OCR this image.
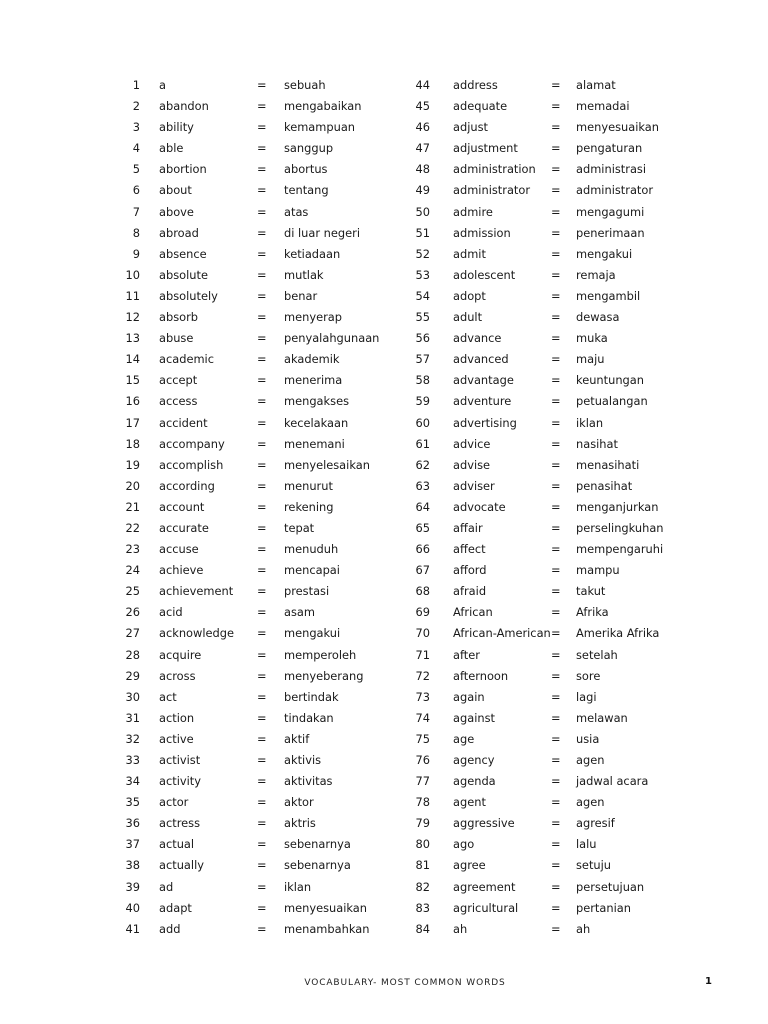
1 a	= sebuah
2 abandon	= mengabaikan
3 ability	= kemampuan
4 able	= sanggup
5 abortion	= abortus
6 about	= tentang
7 above	= atas
8 abroad	= di luar negeri
9 absence	= ketiadaan
10 absolute	= mutlak
11 absolutely	= benar
12 absorb	= menyerap
13 abuse	= penyalahgunaan
14 academic	= akademik
15 accept	= menerima
16 access	= mengakses
17 accident	= kecelakaan
18 accompany	= menemani
19 accomplish	= menyelesaikan
20 according	= menurut
21 account	= rekening
22 accurate	= tepat
23 accuse	= menuduh
24 achieve	= mencapai
25 achievement = prestasi
26 acid	= asam
27 acknowledge = mengakui
28 acquire	= memperoleh
29 across	= menyeberang
30 act	= bertindak
31 action	= tindakan
32 active	= aktif
33 activist	= aktivis
34 activity	= aktivitas
35 actor	= aktor
36 actress	= aktris
37 actual	= sebenarnya
38 actually	= sebenarnya
39 ad	= iklan
40 adapt	= menyesuaikan
41 add	= menambahkan
44 address	= alamat
45 adequate	= memadai
46 adjust	= menyesuaikan
47 adjustment	= pengaturan
48 administration = administrasi
49 administrator = administrator
50 admire	= mengagumi
51 admission	= penerimaan
52 admit	= mengakui
53 adolescent	= remaja
54 adopt	= mengambil
55 adult	= dewasa
56 advance	= muka
57 advanced	= maju
58 advantage	= keuntungan
59 adventure	= petualangan
60 advertising	= iklan
61 advice	= nasihat
62 advise	= menasihati
63 adviser	= penasihat
64 advocate	= menganjurkan
65 affair	= perselingkuhan
66 affect	= mempengaruhi
67 afford	= mampu
68 afraid	= takut
69 African	= Afrika
70 African-American = Amerika Afrika
71 after	= setelah
72 afternoon	= sore
73 again	= lagi
74 against	= melawan
75 age	= usia
76 agency	= agen
77 agenda	= jadwal acara
78 agent	= agen
79 aggressive	= agresif
80 ago	= lalu
81 agree	= setuju
82 agreement	= persetujuan
83 agricultural	= pertanian
84 ah	= ah
VOCABULARY- MOST COMMON WORDS	1
